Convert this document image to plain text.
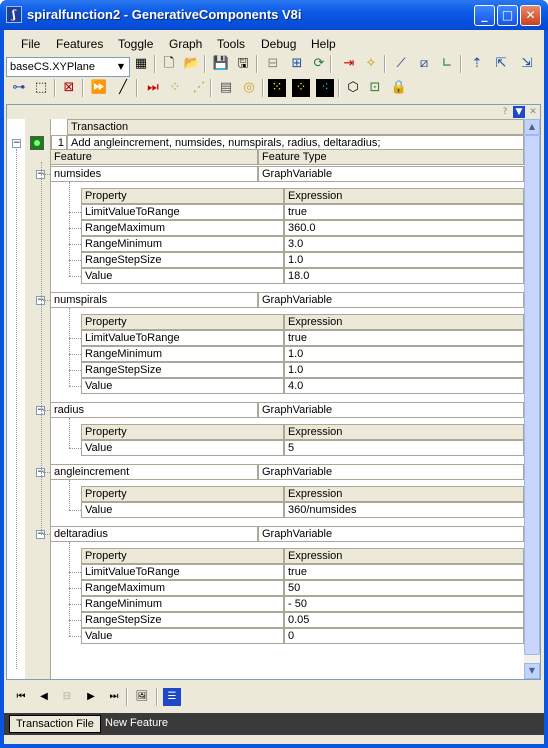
ʃ spiralfunction2 - GenerativeComponents V8i	_	□	✕
File Features Toggle Graph Tools Debug Help
baseCS.XYPlane	▼ ▦ 🗋 📂 💾 🖫 ⊟ ⊞ ⟳ ⇥ ✧	⟋	⧄	∟ ⇡ ⇱ ⇲
⊶ ⬚ ⊠ ⏩ ╱	⏭ ⁘ ⋰ ▤ ◎ ⁙ ⁘	⁖	⬡ ⊡ 🔒
? ▼ ✕
Transaction
−	1 Add angleincrement, numsides, numspirals, radius, deltaradius;
Feature	Feature Type
− numsides	GraphVariable
Property	Expression
LimitValueToRange	true
RangeMaximum	360.0
RangeMinimum	3.0
RangeStepSize	1.0
Value	18.0
− numspirals	GraphVariable
Property	Expression
LimitValueToRange	true
RangeMinimum	1.0
RangeStepSize	1.0
Value	4.0
− radius	GraphVariable
Property	Expression
Value	5
− angleincrement	GraphVariable
Property	Expression
Value	360/numsides
− deltaradius	GraphVariable
Property	Expression
LimitValueToRange	true
RangeMaximum	50
RangeMinimum	- 50
RangeStepSize	0.05
Value	0
▲
▼
⏮	◀	⊟	▶	⏭	🖼	☰
Transaction File	New Feature
